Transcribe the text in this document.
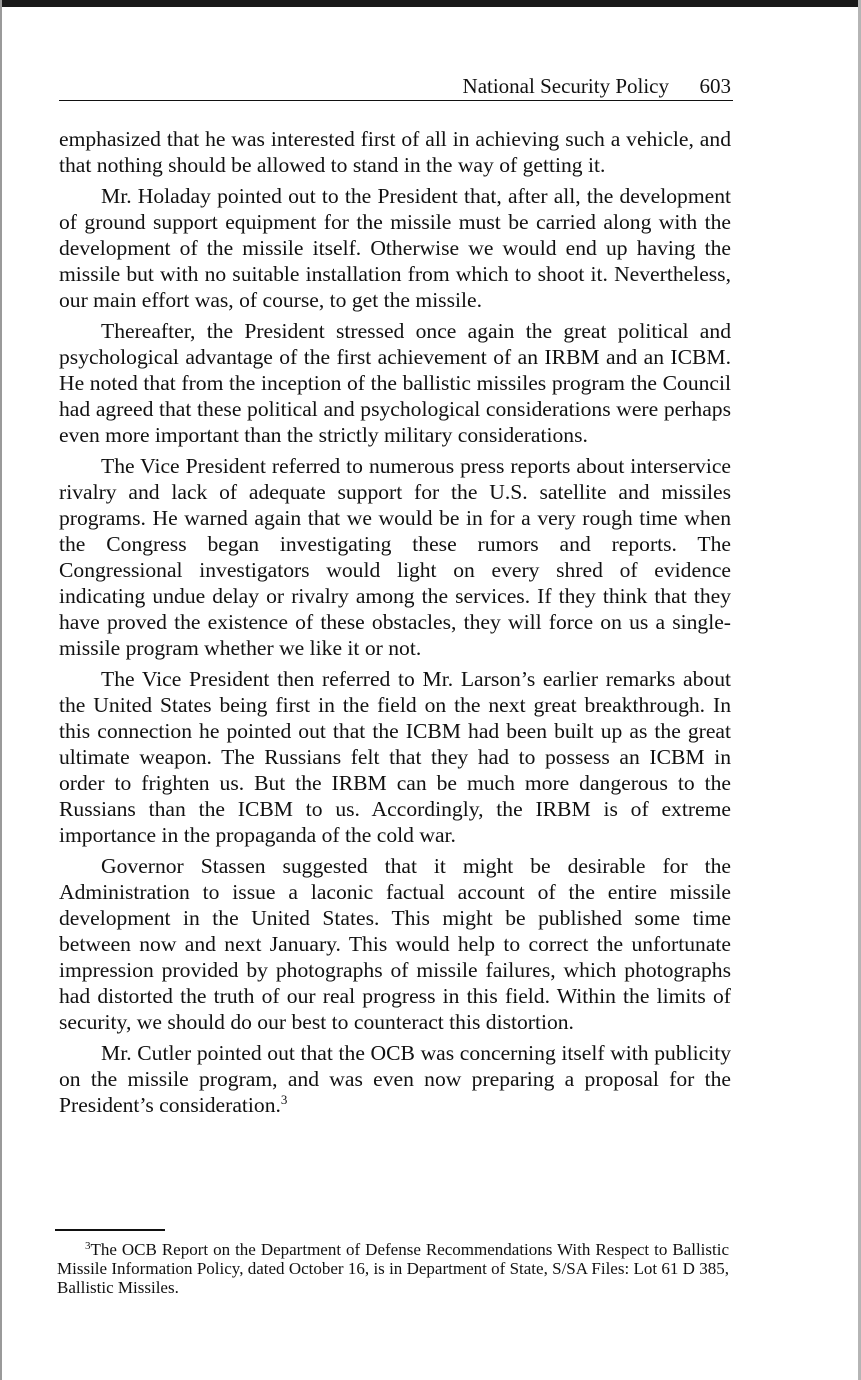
National Security Policy 603

emphasized that he was interested first of all in achieving such a vehicle, and that nothing should be allowed to stand in the way of getting it.

Mr. Holaday pointed out to the President that, after all, the development of ground support equipment for the missile must be carried along with the development of the missile itself. Otherwise we would end up having the missile but with no suitable installation from which to shoot it. Nevertheless, our main effort was, of course, to get the missile.

Thereafter, the President stressed once again the great political and psychological advantage of the first achievement of an IRBM and an ICBM. He noted that from the inception of the ballistic missiles program the Council had agreed that these political and psychological considerations were perhaps even more important than the strictly military considerations.

The Vice President referred to numerous press reports about interservice rivalry and lack of adequate support for the U.S. satellite and missiles programs. He warned again that we would be in for a very rough time when the Congress began investigating these rumors and reports. The Congressional investigators would light on every shred of evidence indicating undue delay or rivalry among the services. If they think that they have proved the existence of these obstacles, they will force on us a single-missile program whether we like it or not.

The Vice President then referred to Mr. Larson’s earlier remarks about the United States being first in the field on the next great breakthrough. In this connection he pointed out that the ICBM had been built up as the great ultimate weapon. The Russians felt that they had to possess an ICBM in order to frighten us. But the IRBM can be much more dangerous to the Russians than the ICBM to us. Accordingly, the IRBM is of extreme importance in the propaganda of the cold war.

Governor Stassen suggested that it might be desirable for the Administration to issue a laconic factual account of the entire missile development in the United States. This might be published some time between now and next January. This would help to correct the unfortunate impression provided by photographs of missile failures, which photographs had distorted the truth of our real progress in this field. Within the limits of security, we should do our best to counteract this distortion.

Mr. Cutler pointed out that the OCB was concerning itself with publicity on the missile program, and was even now preparing a proposal for the President’s consideration.$^3$

$^3$The OCB Report on the Department of Defense Recommendations With Respect to Ballistic Missile Information Policy, dated October 16, is in Department of State, S/SA Files: Lot 61 D 385, Ballistic Missiles.
